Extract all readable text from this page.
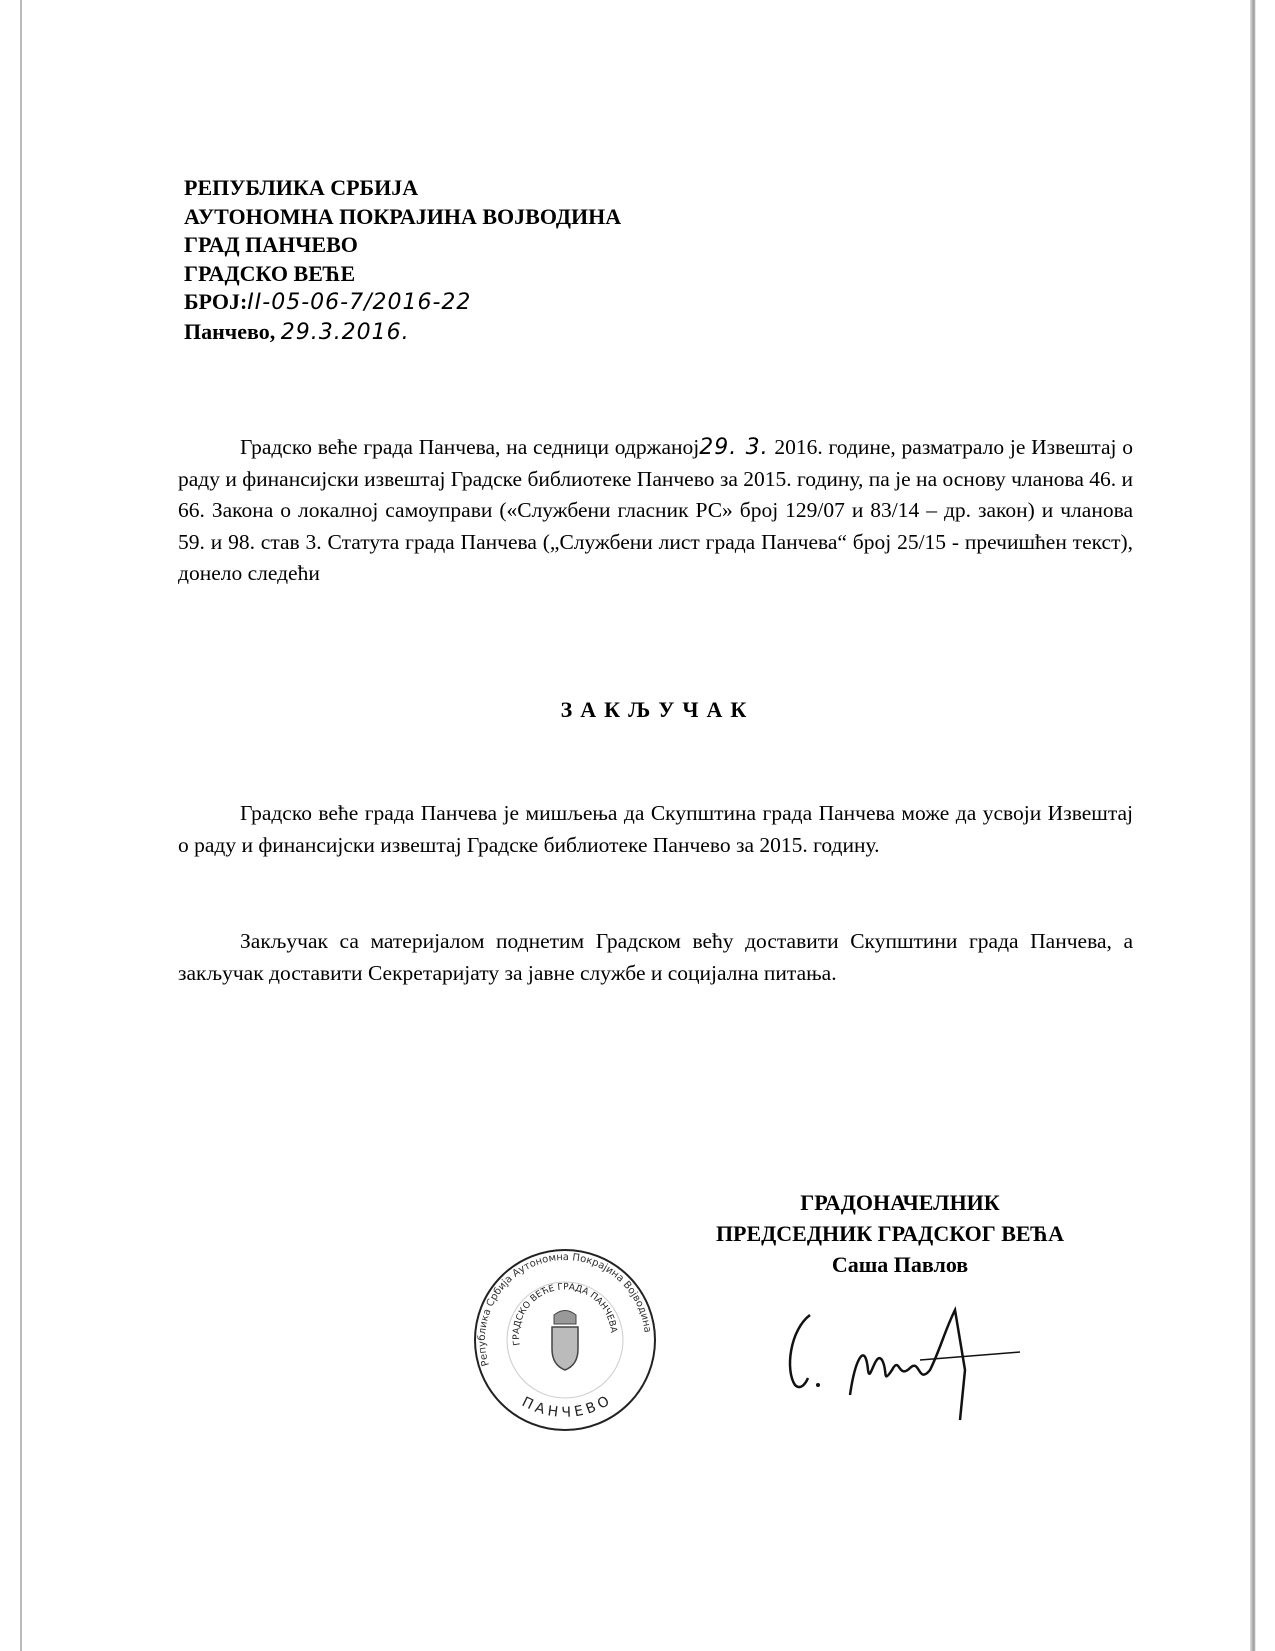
РЕПУБЛИКА СРБИЈА
АУТОНОМНА ПОКРАЈИНА ВОЈВОДИНА
ГРАД ПАНЧЕВО
ГРАДСКО ВЕЋЕ
БРОЈ:II-05-06-7/2016-22
Панчево, 29.3.2016.

Градско веће града Панчева, на седници одржаној29. 3. 2016. године, разматрало је Извештај о раду и финансијски извештај Градске библиотеке Панчево за 2015. годину, па је на основу чланова 46. и 66. Закона о локалној самоуправи («Службени гласник РС» број 129/07 и 83/14 – др. закон) и чланова 59. и 98. став 3. Статута града Панчева („Службени лист града Панчева“ број 25/15 - пречишћен текст), донело следећи

ЗАКЉУЧАК

Градско веће града Панчева је мишљења да Скупштина града Панчева може да усвоји Извештај о раду и финансијски извештај Градске библиотеке Панчево за 2015. годину.

Закључак са материјалом поднетим Градском већу доставити Скупштини града Панчева, а закључак доставити Секретаријату за јавне службе и социјална питања.

ГРАДОНАЧЕЛНИК
ПРЕДСЕДНИК ГРАДСКОГ ВЕЋА
Саша Павлов
Република Србија Аутономна Покрајина Војводина
ГРАДСКО ВЕЋЕ ГРАДА ПАНЧЕВА
ПАНЧЕВО
